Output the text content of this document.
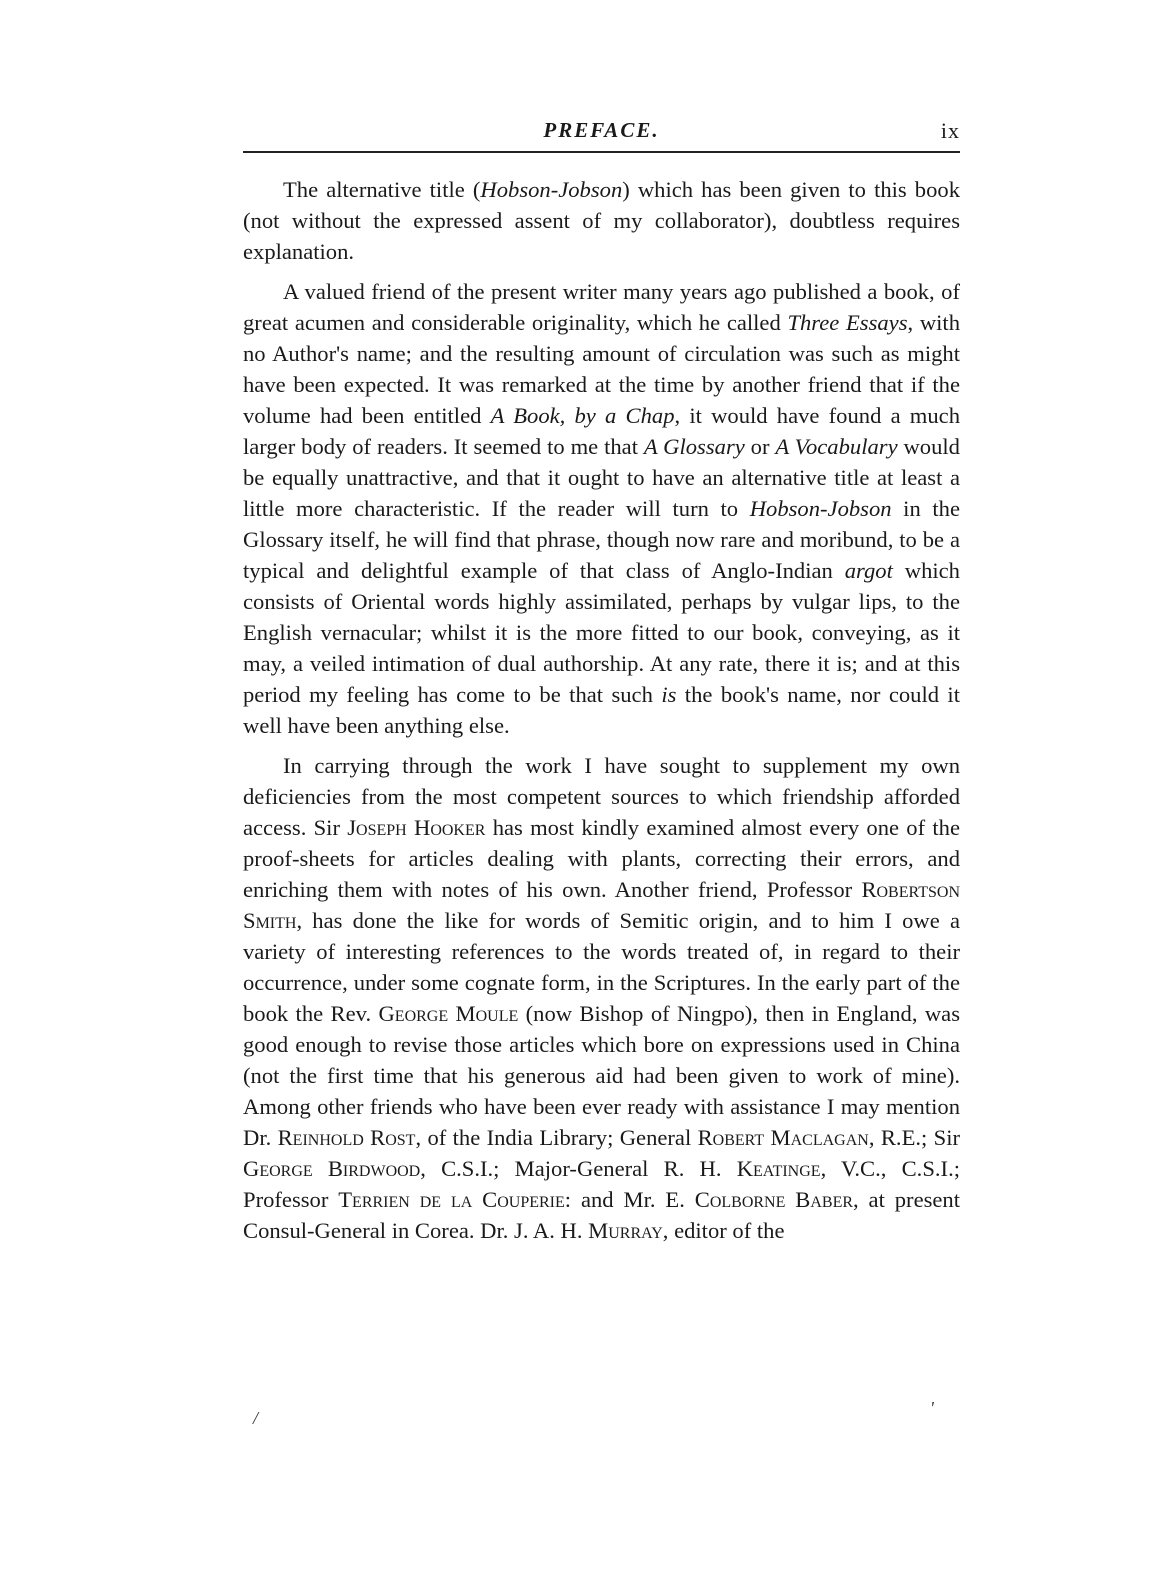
PREFACE.	ix

The alternative title (Hobson-Jobson) which has been given to this book (not without the expressed assent of my collaborator), doubtless requires explanation.

A valued friend of the present writer many years ago published a book, of great acumen and considerable originality, which he called Three Essays, with no Author's name; and the resulting amount of circulation was such as might have been expected. It was remarked at the time by another friend that if the volume had been entitled A Book, by a Chap, it would have found a much larger body of readers. It seemed to me that A Glossary or A Vocabulary would be equally unattractive, and that it ought to have an alternative title at least a little more characteristic. If the reader will turn to Hobson-Jobson in the Glossary itself, he will find that phrase, though now rare and moribund, to be a typical and delightful example of that class of Anglo-Indian argot which consists of Oriental words highly assimilated, perhaps by vulgar lips, to the English vernacular; whilst it is the more fitted to our book, conveying, as it may, a veiled intimation of dual authorship. At any rate, there it is; and at this period my feeling has come to be that such is the book's name, nor could it well have been anything else.

In carrying through the work I have sought to supplement my own deficiencies from the most competent sources to which friendship afforded access. Sir Joseph Hooker has most kindly examined almost every one of the proof-sheets for articles dealing with plants, correcting their errors, and enriching them with notes of his own. Another friend, Professor Robertson Smith, has done the like for words of Semitic origin, and to him I owe a variety of interesting references to the words treated of, in regard to their occurrence, under some cognate form, in the Scriptures. In the early part of the book the Rev. George Moule (now Bishop of Ningpo), then in England, was good enough to revise those articles which bore on expressions used in China (not the first time that his generous aid had been given to work of mine). Among other friends who have been ever ready with assistance I may mention Dr. Reinhold Rost, of the India Library; General Robert Maclagan, R.E.; Sir George Birdwood, C.S.I.; Major-General R. H. Keatinge, V.C., C.S.I.; Professor Terrien de la Couperie: and Mr. E. Colborne Baber, at present Consul-General in Corea. Dr. J. A. H. Murray, editor of the

/	'
